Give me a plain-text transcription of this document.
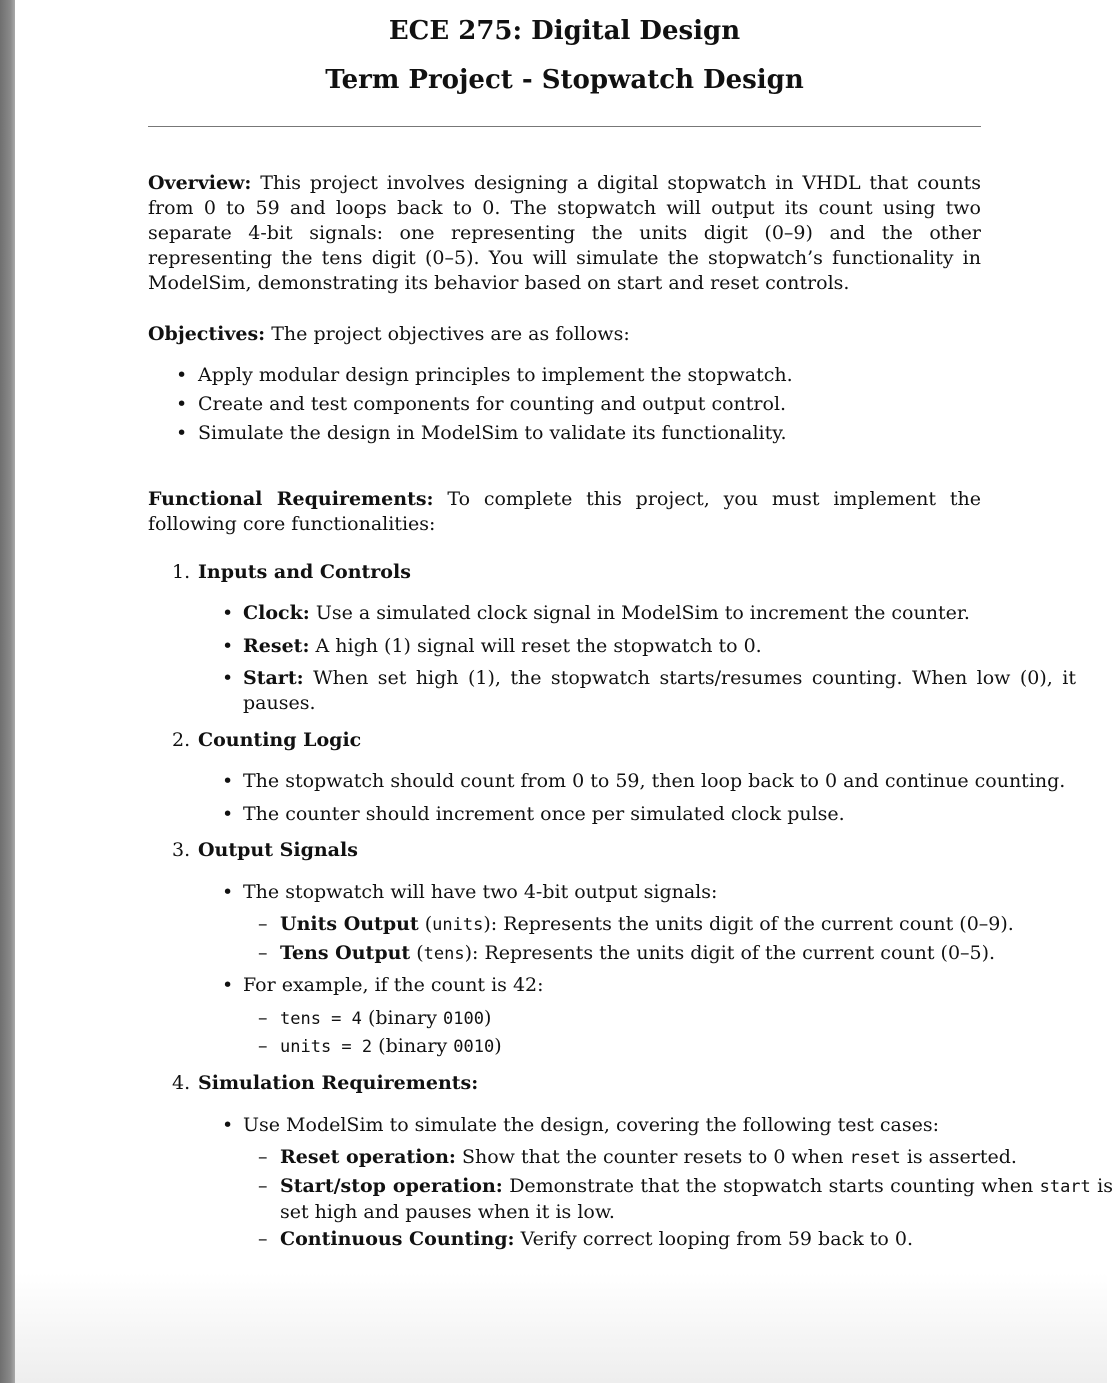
ECE 275: Digital Design
Term Project - Stopwatch Design

Overview: This project involves designing a digital stopwatch in VHDL that counts from 0 to 59 and loops back to 0. The stopwatch will output its count using two separate 4-bit signals: one representing the units digit (0–9) and the other representing the tens digit (0–5). You will simulate the stopwatch’s functionality in ModelSim, demonstrating its behavior based on start and reset controls.

Objectives: The project objectives are as follows:

• Apply modular design principles to implement the stopwatch.
• Create and test components for counting and output control.
• Simulate the design in ModelSim to validate its functionality.

Functional Requirements: To complete this project, you must implement the following core functionalities:

1. Inputs and Controls
• Clock: Use a simulated clock signal in ModelSim to increment the counter.
• Reset: A high (1) signal will reset the stopwatch to 0.
• Start: When set high (1), the stopwatch starts/resumes counting. When low (0), it pauses.
2. Counting Logic
• The stopwatch should count from 0 to 59, then loop back to 0 and continue counting.
• The counter should increment once per simulated clock pulse.
3. Output Signals
• The stopwatch will have two 4-bit output signals:
– Units Output (units): Represents the units digit of the current count (0–9).
– Tens Output (tens): Represents the units digit of the current count (0–5).
• For example, if the count is 42:
– tens = 4 (binary 0100)
– units = 2 (binary 0010)
4. Simulation Requirements:
• Use ModelSim to simulate the design, covering the following test cases:
– Reset operation: Show that the counter resets to 0 when reset is asserted.
– Start/stop operation: Demonstrate that the stopwatch starts counting when start is set high and pauses when it is low.
– Continuous Counting: Verify correct looping from 59 back to 0.
